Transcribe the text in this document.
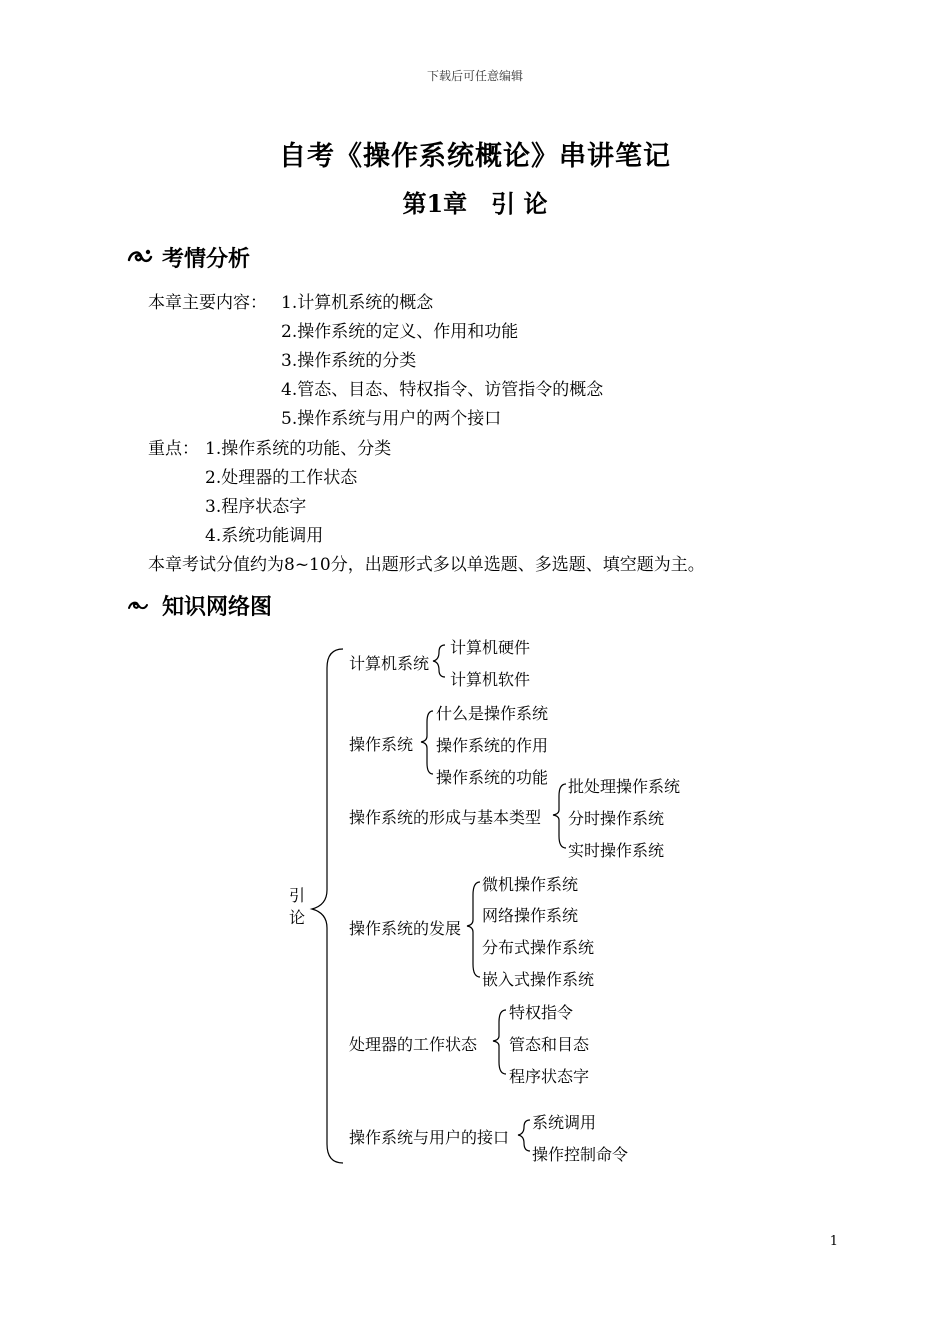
下载后可任意编辑
自考《操作系统概论》串讲笔记
第1章　引 论
考情分析
本章主要内容： 1.计算机系统的概念
2.操作系统的定义、作用和功能
3.操作系统的分类
4.管态、目态、特权指令、访管指令的概念
5.操作系统与用户的两个接口
重点： 1.操作系统的功能、分类
2.处理器的工作状态
3.程序状态字
4.系统功能调用
本章考试分值约为8~10分，出题形式多以单选题、多选题、填空题为主。
知识网络图
引论
计算机系统
计算机硬件
计算机软件
操作系统
什么是操作系统
操作系统的作用
操作系统的功能
操作系统的形成与基本类型
批处理操作系统
分时操作系统
实时操作系统
操作系统的发展
微机操作系统
网络操作系统
分布式操作系统
嵌入式操作系统
处理器的工作状态
特权指令
管态和目态
程序状态字
操作系统与用户的接口
系统调用
操作控制命令
1
